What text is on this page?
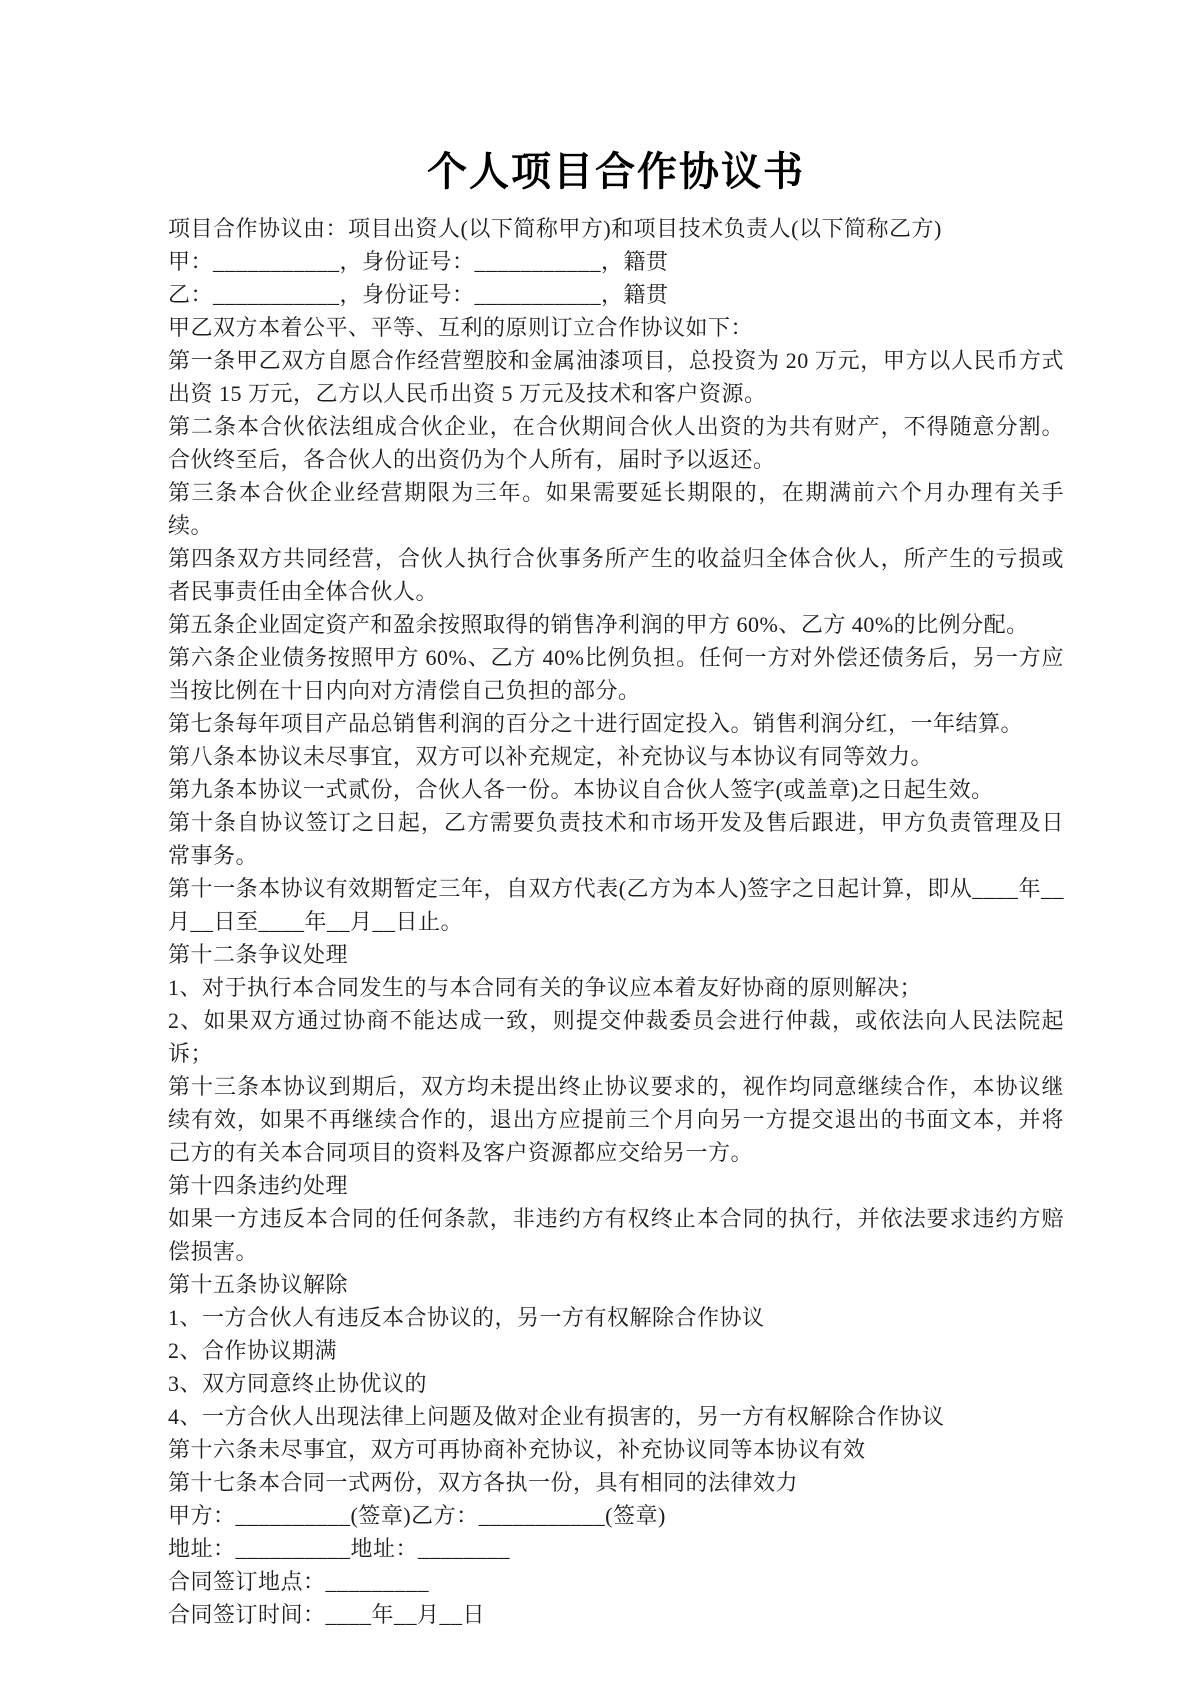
个人项目合作协议书

项目合作协议由：项目出资人(以下简称甲方)和项目技术负责人(以下简称乙方)

甲：___________，身份证号：___________，籍贯

乙：___________，身份证号：___________，籍贯

甲乙双方本着公平、平等、互利的原则订立合作协议如下：

第一条甲乙双方自愿合作经营塑胶和金属油漆项目，总投资为 20 万元，甲方以人民币方式出资 15 万元，乙方以人民币出资 5 万元及技术和客户资源。

第二条本合伙依法组成合伙企业，在合伙期间合伙人出资的为共有财产，不得随意分割。合伙终至后，各合伙人的出资仍为个人所有，届时予以返还。

第三条本合伙企业经营期限为三年。如果需要延长期限的，在期满前六个月办理有关手续。

第四条双方共同经营，合伙人执行合伙事务所产生的收益归全体合伙人，所产生的亏损或者民事责任由全体合伙人。

第五条企业固定资产和盈余按照取得的销售净利润的甲方 60%、乙方 40%的比例分配。

第六条企业债务按照甲方 60%、乙方 40%比例负担。任何一方对外偿还债务后，另一方应当按比例在十日内向对方清偿自己负担的部分。

第七条每年项目产品总销售利润的百分之十进行固定投入。销售利润分红，一年结算。

第八条本协议未尽事宜，双方可以补充规定，补充协议与本协议有同等效力。

第九条本协议一式贰份，合伙人各一份。本协议自合伙人签字(或盖章)之日起生效。

第十条自协议签订之日起，乙方需要负责技术和市场开发及售后跟进，甲方负责管理及日常事务。

第十一条本协议有效期暂定三年，自双方代表(乙方为本人)签字之日起计算，即从____年__月__日至____年__月__日止。

第十二条争议处理

1、对于执行本合同发生的与本合同有关的争议应本着友好协商的原则解决；

2、如果双方通过协商不能达成一致，则提交仲裁委员会进行仲裁，或依法向人民法院起诉；

第十三条本协议到期后，双方均未提出终止协议要求的，视作均同意继续合作，本协议继续有效，如果不再继续合作的，退出方应提前三个月向另一方提交退出的书面文本，并将己方的有关本合同项目的资料及客户资源都应交给另一方。

第十四条违约处理

如果一方违反本合同的任何条款，非违约方有权终止本合同的执行，并依法要求违约方赔偿损害。

第十五条协议解除

1、一方合伙人有违反本合协议的，另一方有权解除合作协议

2、合作协议期满

3、双方同意终止协优议的

4、一方合伙人出现法律上问题及做对企业有损害的，另一方有权解除合作协议

第十六条未尽事宜，双方可再协商补充协议，补充协议同等本协议有效

第十七条本合同一式两份，双方各执一份，具有相同的法律效力

甲方：__________(签章)乙方：___________(签章)

地址：__________地址：________

合同签订地点：_________

合同签订时间：____年__月__日
